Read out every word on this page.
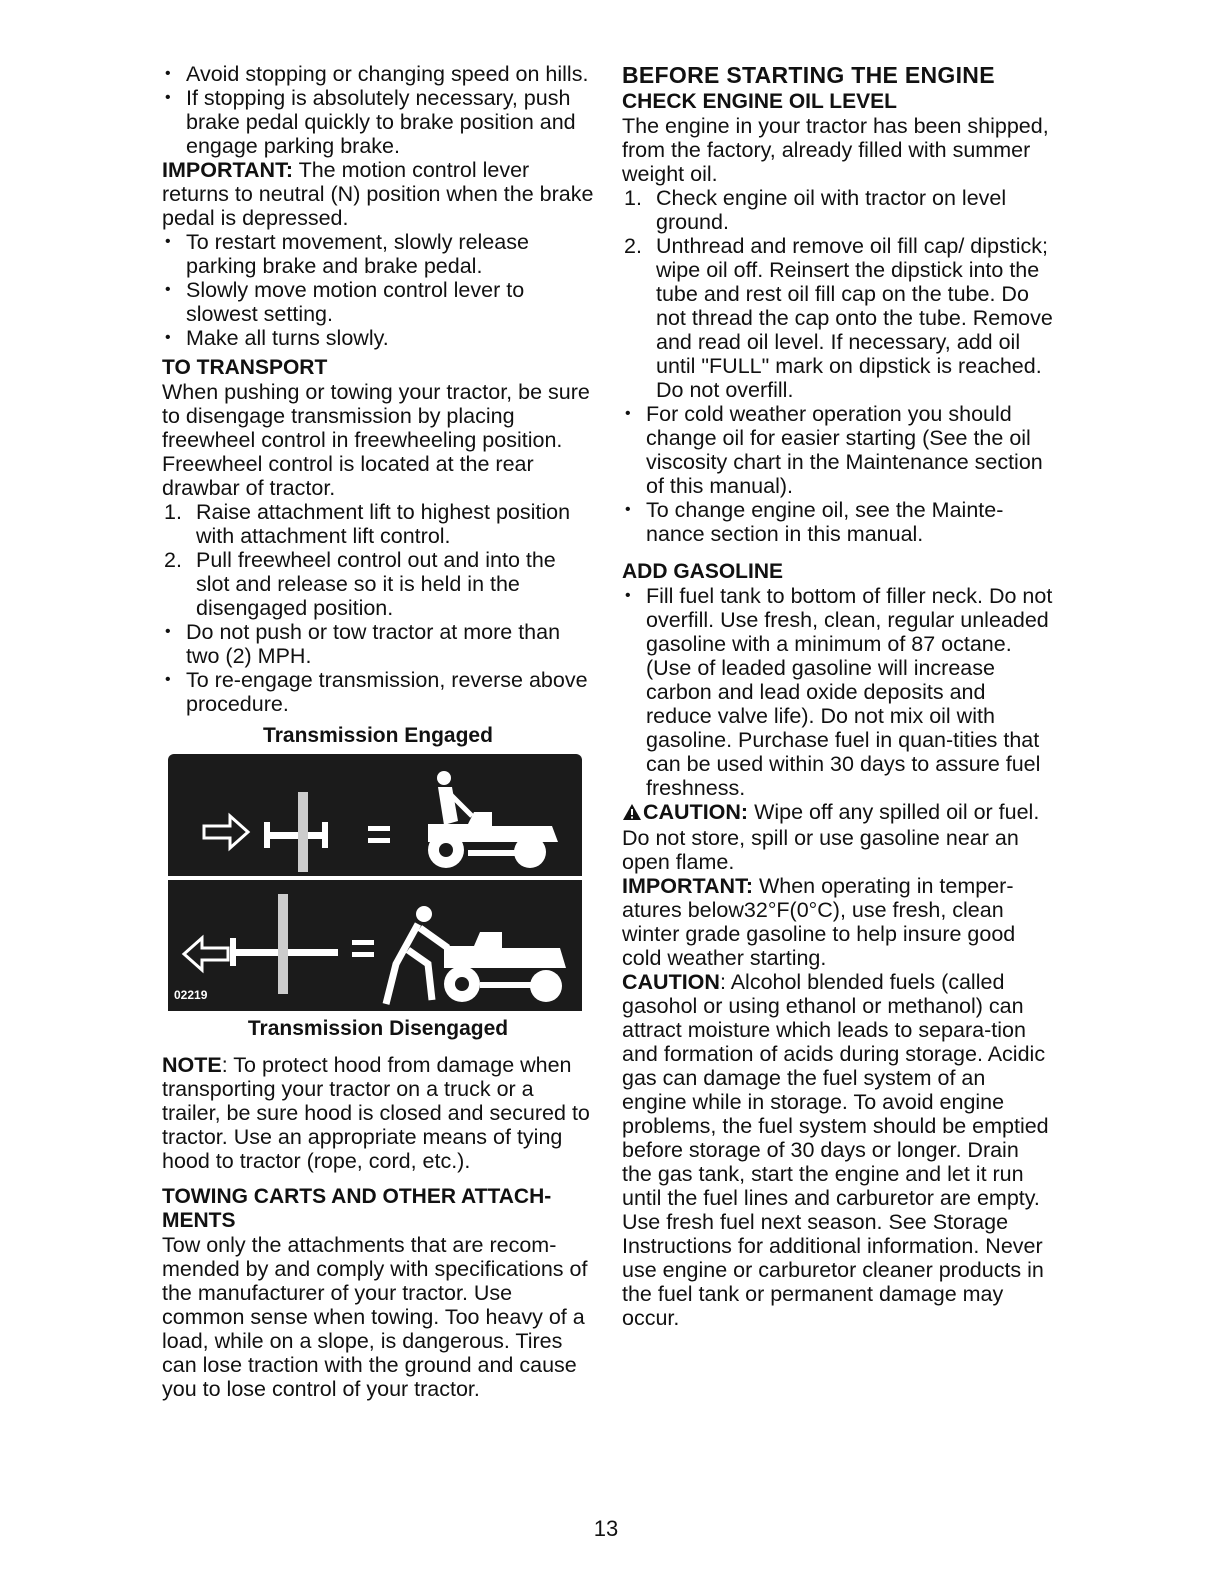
• Avoid stopping or changing speed on hills.

• If stopping is absolutely necessary, push brake pedal quickly to brake position and engage parking brake.

IMPORTANT: The motion control lever returns to neutral (N) position when the brake pedal is depressed.

• To restart movement, slowly release parking brake and brake pedal.

• Slowly move motion control lever to slowest setting.

• Make all turns slowly.

TO TRANSPORT

When pushing or towing your tractor, be sure to disengage transmission by placing freewheel control in freewheeling position. Freewheel control is located at the rear drawbar of tractor.

1. Raise attachment lift to highest position with attachment lift control.

2. Pull freewheel control out and into the slot and release so it is held in the disengaged position.

• Do not push or tow tractor at more than two (2) MPH.

• To re-engage transmission, reverse above procedure.

Transmission Engaged

02219

Transmission Disengaged

NOTE: To protect hood from damage when transporting your tractor on a truck or a trailer, be sure hood is closed and secured to tractor. Use an appropriate means of tying hood to tractor (rope, cord, etc.).

TOWING CARTS AND OTHER ATTACH-MENTS

Tow only the attachments that are recom-mended by and comply with specifications of the manufacturer of your tractor. Use common sense when towing. Too heavy of a load, while on a slope, is dangerous. Tires can lose traction with the ground and cause you to lose control of your tractor.

BEFORE STARTING THE ENGINE

CHECK ENGINE OIL LEVEL

The engine in your tractor has been shipped, from the factory, already filled with summer weight oil.

1. Check engine oil with tractor on level ground.

2. Unthread and remove oil fill cap/ dipstick; wipe oil off. Reinsert the dipstick into the tube and rest oil fill cap on the tube. Do not thread the cap onto the tube. Remove and read oil level. If necessary, add oil until "FULL" mark on dipstick is reached. Do not overfill.

• For cold weather operation you should change oil for easier starting (See the oil viscosity chart in the Maintenance section of this manual).

• To change engine oil, see the Mainte-nance section in this manual.

ADD GASOLINE

• Fill fuel tank to bottom of filler neck. Do not overfill. Use fresh, clean, regular unleaded gasoline with a minimum of 87 octane. (Use of leaded gasoline will increase carbon and lead oxide deposits and reduce valve life). Do not mix oil with gasoline. Purchase fuel in quan-tities that can be used within 30 days to assure fuel freshness.

CAUTION: Wipe off any spilled oil or fuel. Do not store, spill or use gasoline near an open flame.

IMPORTANT: When operating in temper-atures below32°F(0°C), use fresh, clean winter grade gasoline to help insure good cold weather starting.

CAUTION: Alcohol blended fuels (called gasohol or using ethanol or methanol) can attract moisture which leads to separa-tion and formation of acids during storage. Acidic gas can damage the fuel system of an engine while in storage. To avoid engine problems, the fuel system should be emptied before storage of 30 days or longer. Drain the gas tank, start the engine and let it run until the fuel lines and carburetor are empty. Use fresh fuel next season. See Storage Instructions for additional information. Never use engine or carburetor cleaner products in the fuel tank or permanent damage may occur.

13
